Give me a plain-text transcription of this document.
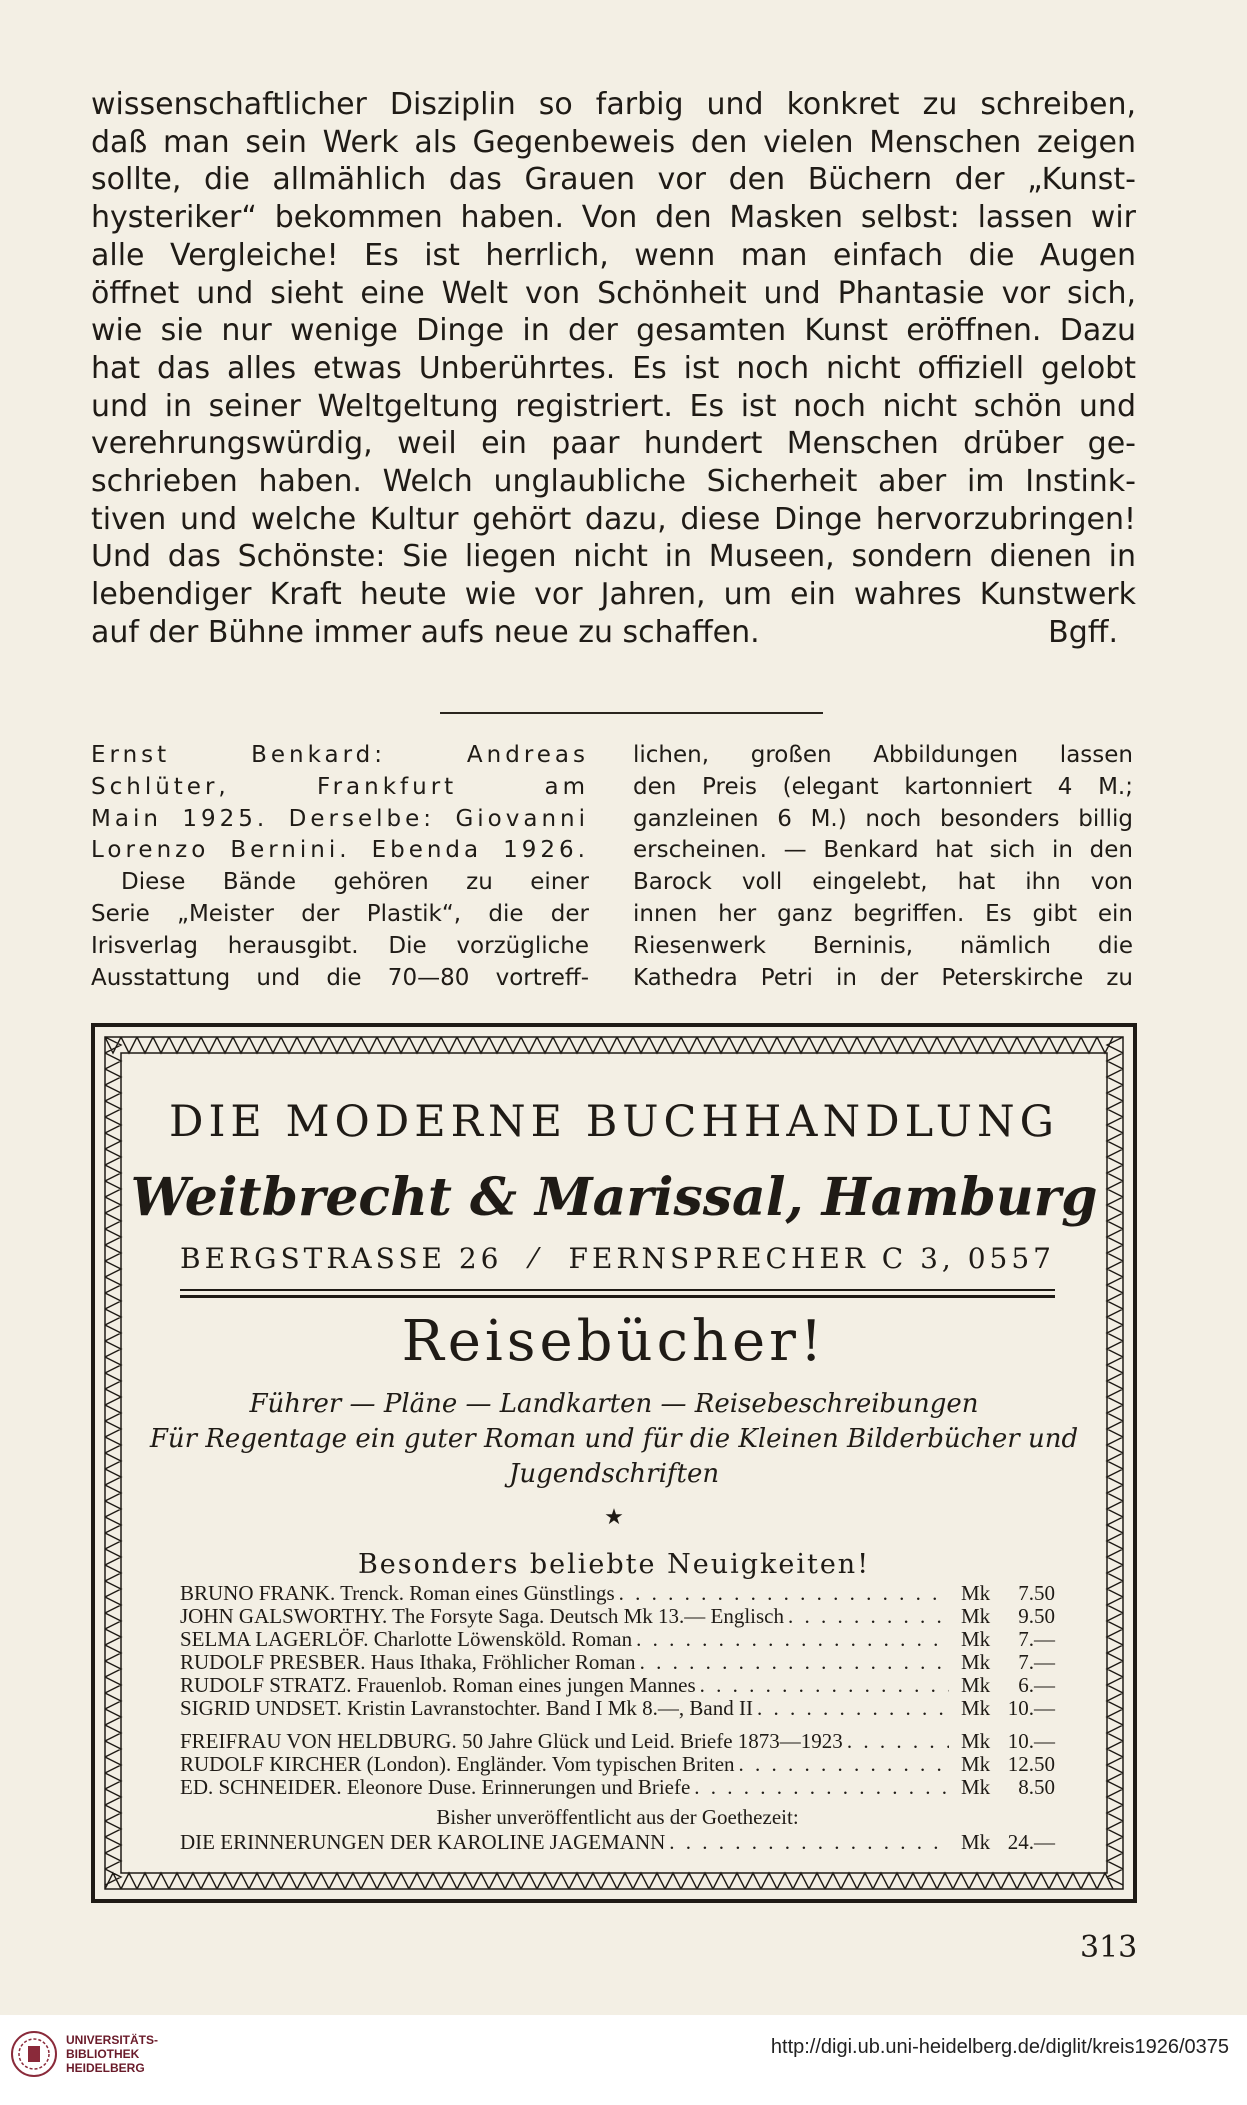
wissenschaftlicher Disziplin so farbig und konkret zu schreiben,
daß man sein Werk als Gegenbeweis den vielen Menschen zeigen
sollte, die allmählich das Grauen vor den Büchern der „Kunst-
hysteriker“ bekommen haben. Von den Masken selbst: lassen wir
alle Vergleiche! Es ist herrlich, wenn man einfach die Augen
öffnet und sieht eine Welt von Schönheit und Phantasie vor sich,
wie sie nur wenige Dinge in der gesamten Kunst eröffnen. Dazu
hat das alles etwas Unberührtes. Es ist noch nicht offiziell gelobt
und in seiner Weltgeltung registriert. Es ist noch nicht schön und
verehrungswürdig, weil ein paar hundert Menschen drüber ge-
schrieben haben. Welch unglaubliche Sicherheit aber im Instink-
tiven und welche Kultur gehört dazu, diese Dinge hervorzubringen!
Und das Schönste: Sie liegen nicht in Museen, sondern dienen in
lebendiger Kraft heute wie vor Jahren, um ein wahres Kunstwerk
auf der Bühne immer aufs neue zu schaffen.	Bgff.
Ernst Benkard: Andreas
Schlüter, Frankfurt am
Main 1925. Derselbe: Giovanni
Lorenzo Bernini. Ebenda 1926.
Diese Bände gehören zu einer
Serie „Meister der Plastik“, die der
Irisverlag herausgibt. Die vorzügliche
Ausstattung und die 70—80 vortreff-
lichen, großen Abbildungen lassen
den Preis (elegant kartonniert 4 M.;
ganzleinen 6 M.) noch besonders billig
erscheinen. — Benkard hat sich in den
Barock voll eingelebt, hat ihn von
innen her ganz begriffen. Es gibt ein
Riesenwerk Berninis, nämlich die
Kathedra Petri in der Peterskirche zu
DIE MODERNE BUCHHANDLUNG
Weitbrecht & Marissal, Hamburg
BERGSTRASSE 26 ⁄ FERNSPRECHER C 3, 0557
Reisebücher!
Führer — Pläne — Landkarten — Reisebeschreibungen
Für Regentage ein guter Roman und für die Kleinen Bilderbücher und
Jugendschriften
★
Besonders beliebte Neuigkeiten!
BRUNO FRANK. Trenck. Roman eines Günstlings . . .	Mk 7.50
JOHN GALSWORTHY. The Forsyte Saga. Deutsch Mk 13.— Englisch . . .	Mk 9.50
SELMA LAGERLÖF. Charlotte Löwensköld. Roman . . .	Mk 7.—
RUDOLF PRESBER. Haus Ithaka, Fröhlicher Roman . . .	Mk 7.—
RUDOLF STRATZ. Frauenlob. Roman eines jungen Mannes . . .	Mk 6.—
SIGRID UNDSET. Kristin Lavranstochter. Band I Mk 8.—, Band II . . .	Mk 10.—
FREIFRAU VON HELDBURG. 50 Jahre Glück und Leid. Briefe 1873—1923 . . .	Mk 10.—
RUDOLF KIRCHER (London). Engländer. Vom typischen Briten . . .	Mk 12.50
ED. SCHNEIDER. Eleonore Duse. Erinnerungen und Briefe . . .	Mk 8.50
Bisher unveröffentlicht aus der Goethezeit:
DIE ERINNERUNGEN DER KAROLINE JAGEMANN . . .	Mk 24.—
313
UNIVERSITÄTS-
BIBLIOTHEK
HEIDELBERG
http://digi.ub.uni-heidelberg.de/diglit/kreis1926/0375
